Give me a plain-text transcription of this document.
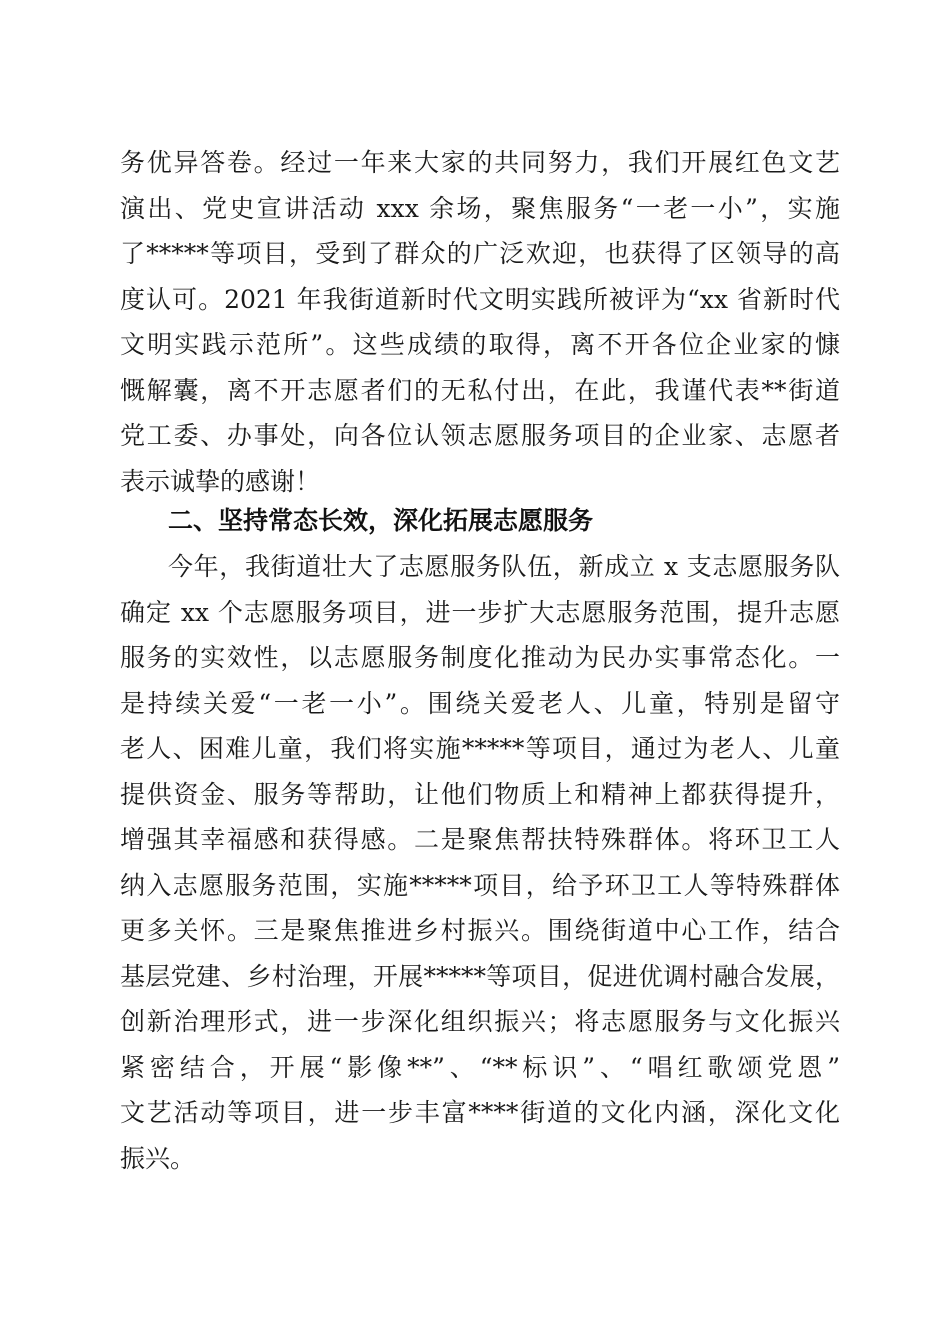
务优异答卷。经过一年来大家的共同努力，我们开展红色文艺
演出、党史宣讲活动 xxx 余场，聚焦服务“一老一小”，实施
了*****等项目，受到了群众的广泛欢迎，也获得了区领导的高
度认可。2021 年我街道新时代文明实践所被评为“xx 省新时代
文明实践示范所”。这些成绩的取得，离不开各位企业家的慷
慨解囊，离不开志愿者们的无私付出，在此，我谨代表**街道
党工委、办事处，向各位认领志愿服务项目的企业家、志愿者
表示诚挚的感谢！
二、坚持常态长效，深化拓展志愿服务
今年，我街道壮大了志愿服务队伍，新成立 x 支志愿服务队
确定 xx 个志愿服务项目，进一步扩大志愿服务范围，提升志愿
服务的实效性，以志愿服务制度化推动为民办实事常态化。一
是持续关爱“一老一小”。围绕关爱老人、儿童，特别是留守
老人、困难儿童，我们将实施*****等项目，通过为老人、儿童
提供资金、服务等帮助，让他们物质上和精神上都获得提升，
增强其幸福感和获得感。二是聚焦帮扶特殊群体。将环卫工人
纳入志愿服务范围，实施*****项目，给予环卫工人等特殊群体
更多关怀。三是聚焦推进乡村振兴。围绕街道中心工作，结合
基层党建、乡村治理，开展*****等项目，促进优调村融合发展，
创新治理形式，进一步深化组织振兴；将志愿服务与文化振兴
紧密结合，开展“影像**”、“**标识”、“唱红歌颂党恩”
文艺活动等项目，进一步丰富****街道的文化内涵，深化文化
振兴。
